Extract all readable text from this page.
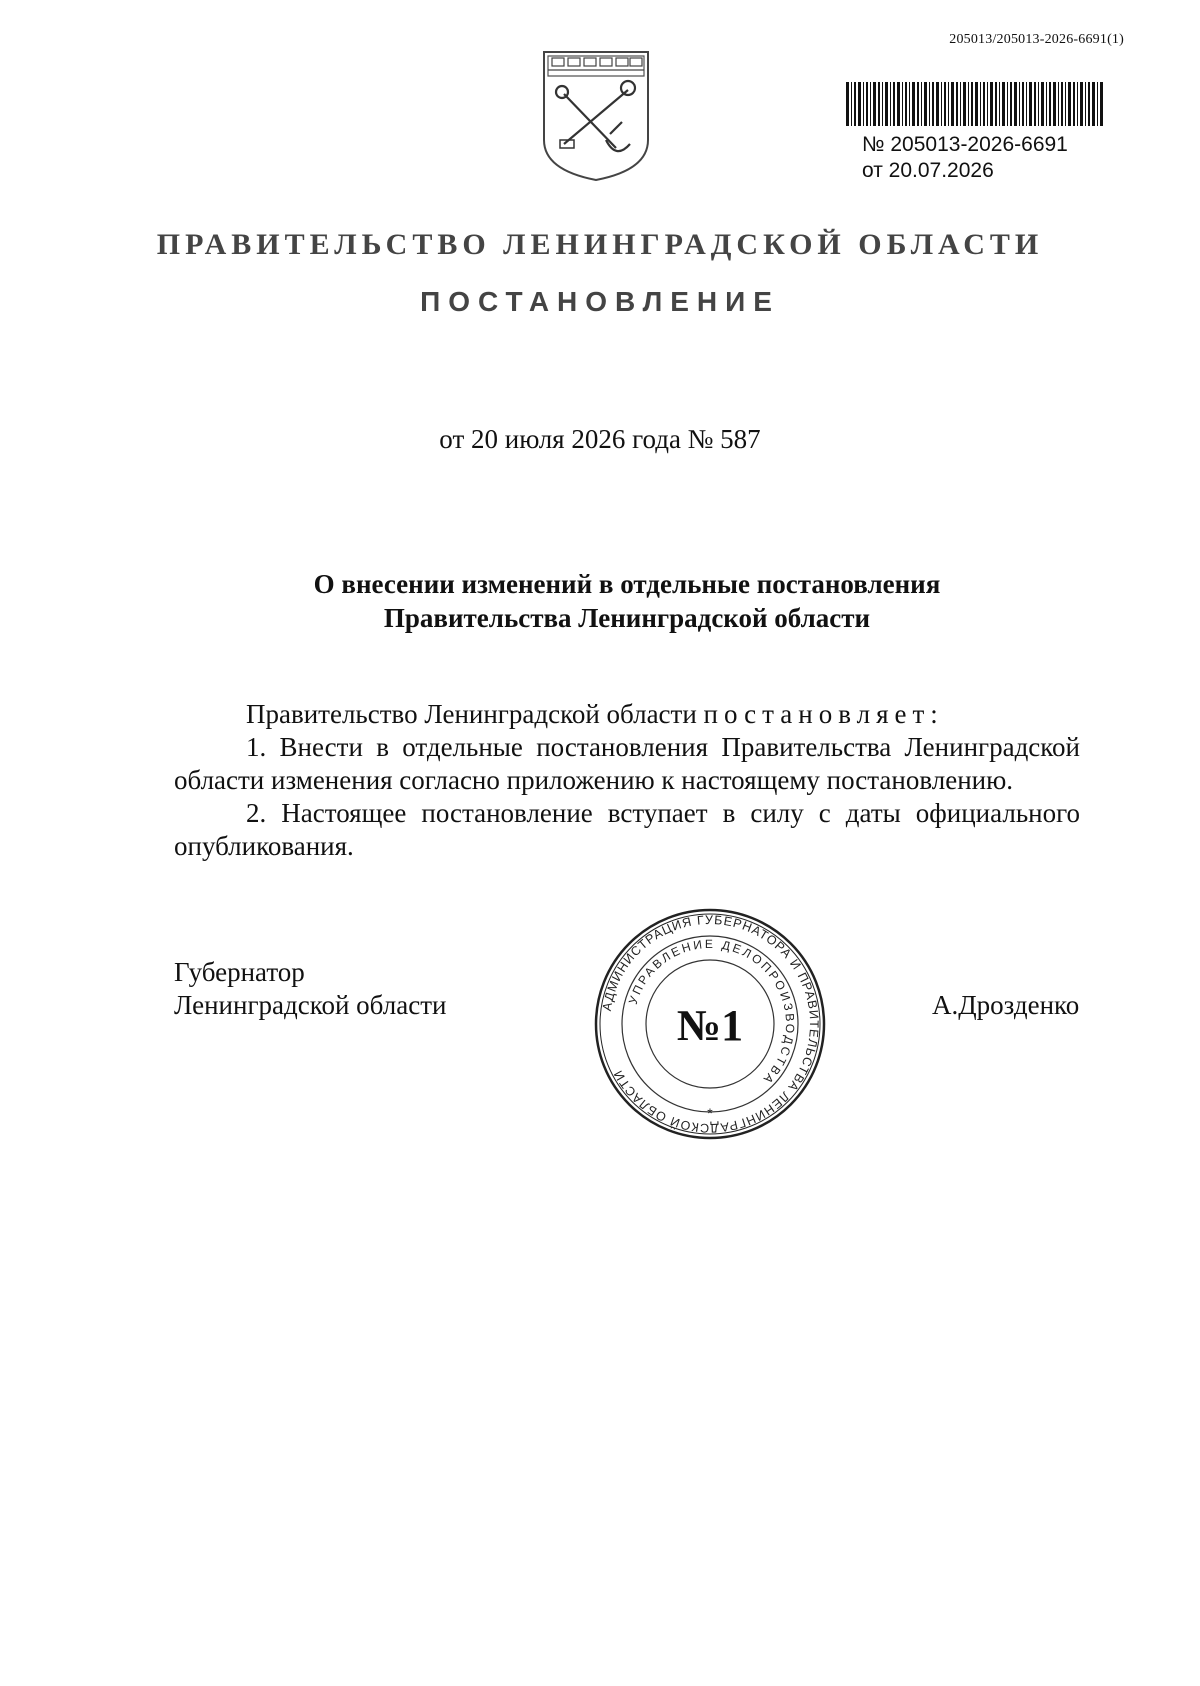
205013/205013-2026-6691(1)
№ 205013-2026-6691
от 20.07.2026
ПРАВИТЕЛЬСТВО ЛЕНИНГРАДСКОЙ ОБЛАСТИ
ПОСТАНОВЛЕНИЕ
от 20 июля 2026 года № 587
О внесении изменений в отдельные постановления
Правительства Ленинградской области

Правительство Ленинградской области постановляет:

1. Внести в отдельные постановления Правительства Ленинградской области изменения согласно приложению к настоящему постановлению.

2. Настоящее постановление вступает в силу с даты официального опубликования.

Губернатор
Ленинградской области	АДМИНИСТРАЦИЯ ГУБЕРНАТОРА И ПРАВИТЕЛЬСТВА ЛЕНИНГРАДСКОЙ ОБЛАСТИ
УПРАВЛЕНИЕ ДЕЛОПРОИЗВОДСТВА
№1
*
А.Дрозденко
